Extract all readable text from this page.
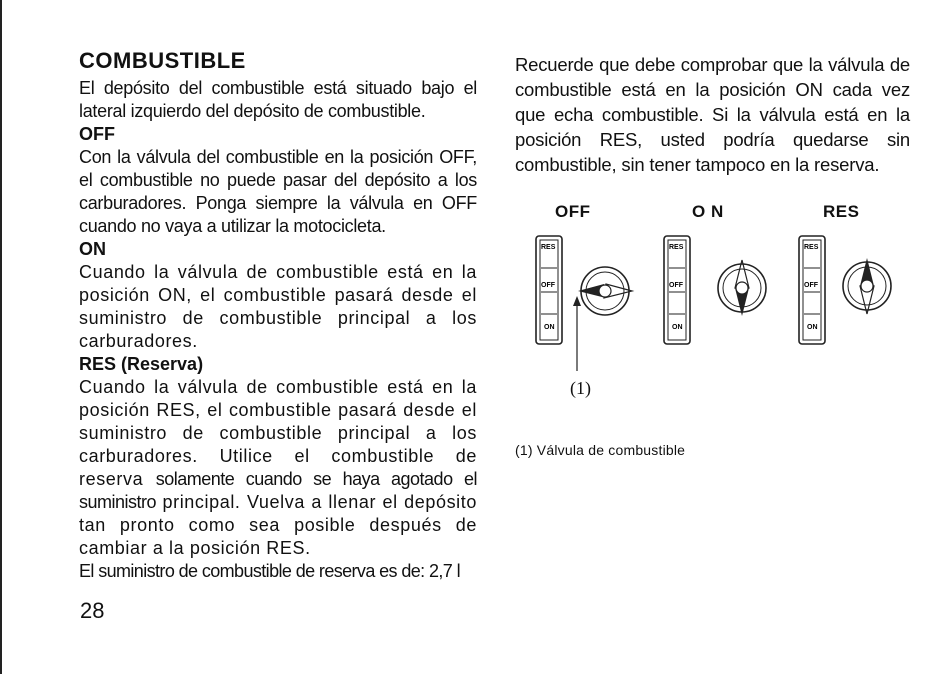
COMBUSTIBLE

El depósito del combustible está situado bajo el lateral izquierdo del depósito de combustible.

OFF

Con la válvula del combustible en la posición OFF, el combustible no puede pasar del depósito a los carburadores. Ponga siempre la válvula en OFF cuando no vaya a utilizar la motocicleta.

ON

Cuando la válvula de combustible está en la posición ON, el combustible pasará desde el suministro de combustible principal a los carburadores.

RES (Reserva)

Cuando la válvula de combustible está en la posición RES, el combustible pasará desde el suministro de combustible principal a los carburadores. Utilice el combustible de reserva solamente cuando se haya agotado el suministro principal. Vuelva a llenar el depósito tan pronto como sea posible después de cambiar a la posición RES.

El suministro de combustible de reserva es de: 2,7 l

Recuerde que debe comprobar que la válvula de combustible está en la posición ON cada vez que echa combustible. Si la válvula está en la posición RES, usted podría quedarse sin combustible, sin tener tampoco en la reserva.

OFF	O N	RES
RES
OFF
ON
RES
OFF
ON
RES
OFF
ON
(1)
(1) Válvula de combustible
28
